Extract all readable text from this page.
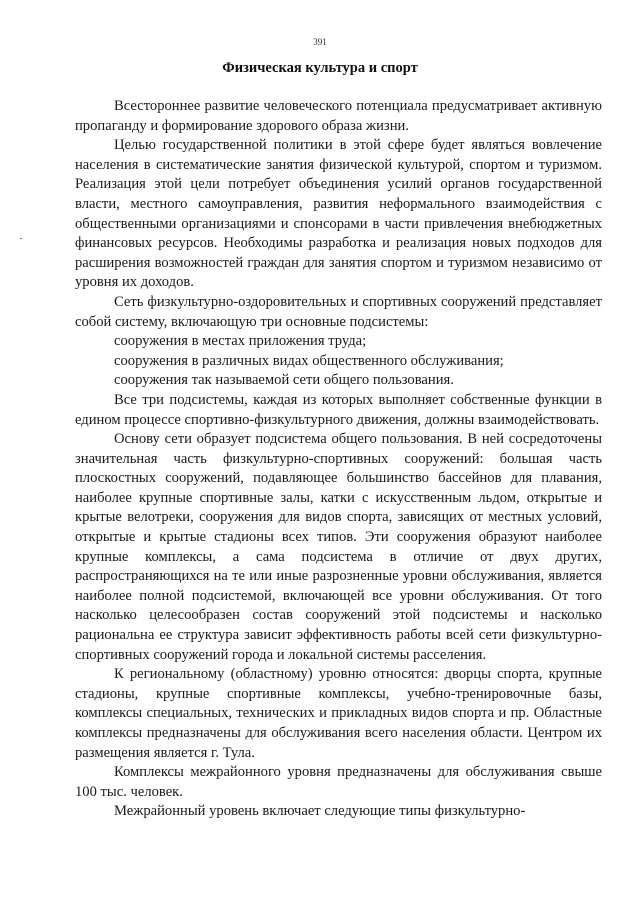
391
Физическая культура и спорт

Всестороннее развитие человеческого потенциала предусматривает активную пропаганду и формирование здорового образа жизни.

Целью государственной политики в этой сфере будет являться вовлечение населения в систематические занятия физической культурой, спортом и туризмом. Реализация этой цели потребует объединения усилий органов государственной власти, местного самоуправления, развития неформального взаимодействия с общественными организациями и спонсорами в части привлечения внебюджетных финансовых ресурсов. Необходимы разработка и реализация новых подходов для расширения возможностей граждан для занятия спортом и туризмом независимо от уровня их доходов.

Сеть физкультурно-оздоровительных и спортивных сооружений представляет собой систему, включающую три основные подсистемы:

сооружения в местах приложения труда;

сооружения в различных видах общественного обслуживания;

сооружения так называемой сети общего пользования.

Все три подсистемы, каждая из которых выполняет собственные функции в едином процессе спортивно-физкультурного движения, должны взаимодействовать.

Основу сети образует подсистема общего пользования. В ней сосредоточены значительная часть физкультурно-спортивных сооружений: большая часть плоскостных сооружений, подавляющее большинство бассейнов для плавания, наиболее крупные спортивные залы, катки с искусственным льдом, открытые и крытые велотреки, сооружения для видов спорта, зависящих от местных условий, открытые и крытые стадионы всех типов. Эти сооружения образуют наиболее крупные комплексы, а сама подсистема в отличие от двух других, распространяющихся на те или иные разрозненные уровни обслуживания, является наиболее полной подсистемой, включающей все уровни обслуживания. От того насколько целесообразен состав сооружений этой подсистемы и насколько рациональна ее структура зависит эффективность работы всей сети физкультурно-спортивных сооружений города и локальной системы расселения.

К региональному (областному) уровню относятся: дворцы спорта, крупные стадионы, крупные спортивные комплексы, учебно-тренировочные базы, комплексы специальных, технических и прикладных видов спорта и пр. Областные комплексы предназначены для обслуживания всего населения области. Центром их размещения является г. Тула.

Комплексы межрайонного уровня предназначены для обслуживания свыше 100 тыс. человек.

Межрайонный уровень включает следующие типы физкультурно-
